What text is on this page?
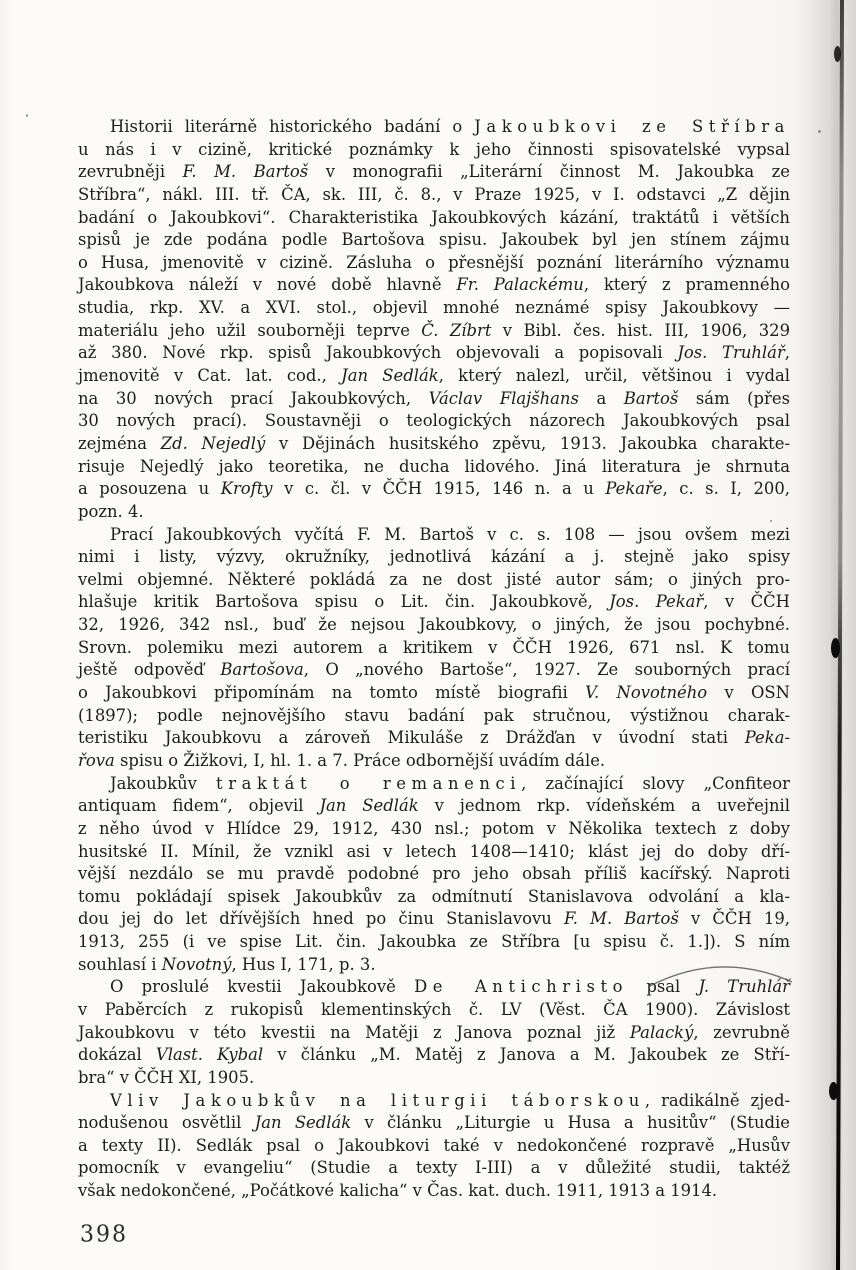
Historii literárně historického badání o Jakoubkovi ze Stříbra
u nás i v cizině, kritické poznámky k jeho činnosti spisovatelské vypsal
zevrubněji F. M. Bartoš v monografii „Literární činnost M. Jakoubka ze
Stříbra“, nákl. III. tř. ČA, sk. III, č. 8., v Praze 1925, v I. odstavci „Z dějin
badání o Jakoubkovi“. Charakteristika Jakoubkových kázání, traktátů i větších
spisů je zde podána podle Bartošova spisu. Jakoubek byl jen stínem zájmu
o Husa, jmenovitě v cizině. Zásluha o přesnější poznání literárního významu
Jakoubkova náleží v nové době hlavně Fr. Palackému, který z pramenného
studia, rkp. XV. a XVI. stol., objevil mnohé neznámé spisy Jakoubkovy —
materiálu jeho užil souborněji teprve Č. Zíbrt v Bibl. čes. hist. III, 1906, 329
až 380. Nové rkp. spisů Jakoubkových objevovali a popisovali Jos. Truhlář,
jmenovitě v Cat. lat. cod., Jan Sedlák, který nalezl, určil, většinou i vydal
na 30 nových prací Jakoubkových, Václav Flajšhans a Bartoš sám (přes
30 nových prací). Soustavněji o teologických názorech Jakoubkových psal
zejména Zd. Nejedlý v Dějinách husitského zpěvu, 1913. Jakoubka charakte-
risuje Nejedlý jako teoretika, ne ducha lidového. Jiná literatura je shrnuta
a posouzena u Krofty v c. čl. v ČČH 1915, 146 n. a u Pekaře, c. s. I, 200,
pozn. 4.
Prací Jakoubkových vyčítá F. M. Bartoš v c. s. 108 — jsou ovšem mezi
nimi i listy, výzvy, okružníky, jednotlivá kázání a j. stejně jako spisy
velmi objemné. Některé pokládá za ne dost jisté autor sám; o jiných pro-
hlašuje kritik Bartošova spisu o Lit. čin. Jakoubkově, Jos. Pekař, v ČČH
32, 1926, 342 nsl., buď že nejsou Jakoubkovy, o jiných, že jsou pochybné.
Srovn. polemiku mezi autorem a kritikem v ČČH 1926, 671 nsl. K tomu
ještě odpověď Bartošova, O „nového Bartoše“, 1927. Ze souborných prací
o Jakoubkovi připomínám na tomto místě biografii V. Novotného v OSN
(1897); podle nejnovějšího stavu badání pak stručnou, výstižnou charak-
teristiku Jakoubkovu a zároveň Mikuláše z Drážďan v úvodní stati Peka-
řova spisu o Žižkovi, I, hl. 1. a 7. Práce odbornější uvádím dále.
Jakoubkův traktát o remanenci, začínající slovy „Confiteor
antiquam fidem“, objevil Jan Sedlák v jednom rkp. vídeňském a uveřejnil
z něho úvod v Hlídce 29, 1912, 430 nsl.; potom v Několika textech z doby
husitské II. Mínil, že vznikl asi v letech 1408—1410; klást jej do doby dří-
vější nezdálo se mu pravdě podobné pro jeho obsah příliš kacířský. Naproti
tomu pokládají spisek Jakoubkův za odmítnutí Stanislavova odvolání a kla-
dou jej do let dřívějších hned po činu Stanislavovu F. M. Bartoš v ČČH 19,
1913, 255 (i ve spise Lit. čin. Jakoubka ze Stříbra [u spisu č. 1.]). S ním
souhlasí i Novotný, Hus I, 171, p. 3.
O proslulé kvestii Jakoubkově De Antichristo psal J. Truhlář
v Paběrcích z rukopisů klementinských č. LV (Věst. ČA 1900). Závislost
Jakoubkovu v této kvestii na Matěji z Janova poznal již Palacký, zevrubně
dokázal Vlast. Kybal v článku „M. Matěj z Janova a M. Jakoubek ze Stří-
bra“ v ČČH XI, 1905.
Vliv Jakoubkův na liturgii táborskou, radikálně zjed-
nodušenou osvětlil Jan Sedlák v článku „Liturgie u Husa a husitův“ (Studie
a texty II). Sedlák psal o Jakoubkovi také v nedokončené rozpravě „Husův
pomocník v evangeliu“ (Studie a texty I-III) a v důležité studii, taktéž
však nedokončené, „Počátkové kalicha“ v Čas. kat. duch. 1911, 1913 a 1914.
398
